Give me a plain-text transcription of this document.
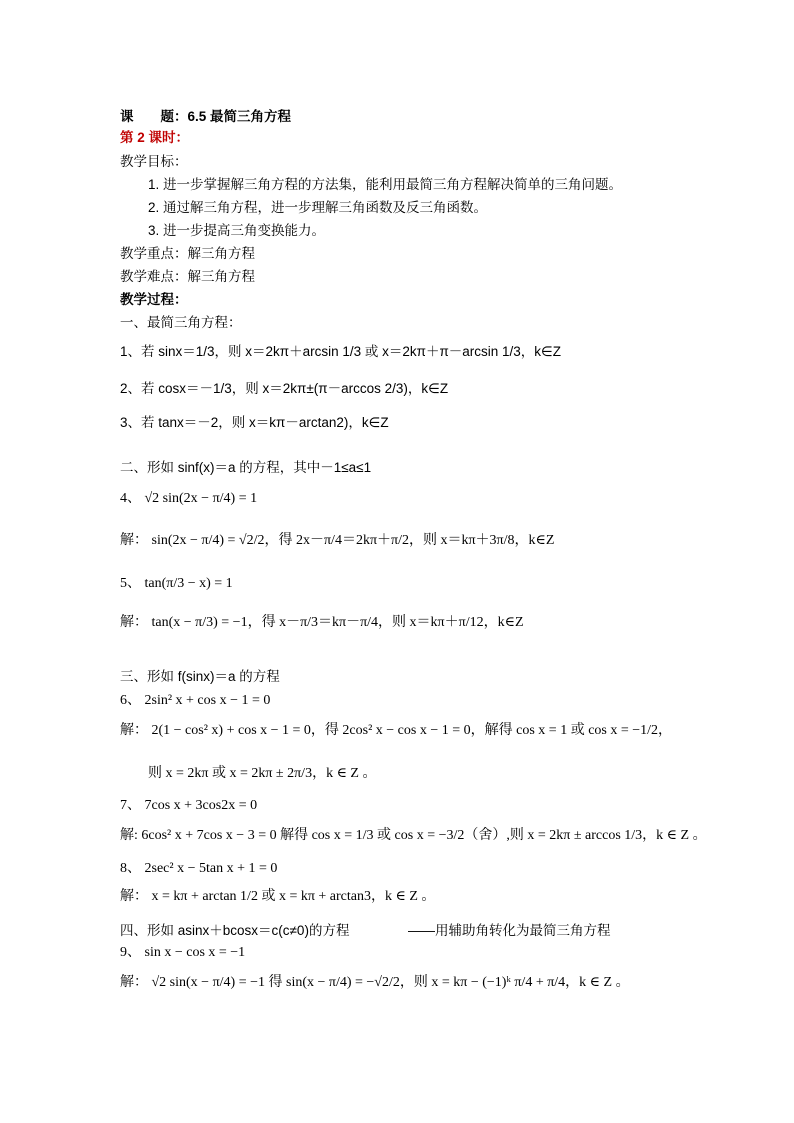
课　　题：6.5 最简三角方程
第 2 课时：
教学目标：
1. 进一步掌握解三角方程的方法集，能利用最简三角方程解决简单的三角问题。
2. 通过解三角方程，进一步理解三角函数及反三角函数。
3. 进一步提高三角变换能力。
教学重点：解三角方程
教学难点：解三角方程
教学过程：
一、最简三角方程：
1、若 sinx＝1/3，则 x＝2kπ＋arcsin 1/3 或 x＝2kπ＋π－arcsin 1/3，k∈Z
2、若 cosx＝－1/3，则 x＝2kπ±(π－arccos 2/3)，k∈Z
3、若 tanx＝－2，则 x＝kπ－arctan2)，k∈Z
二、形如 sinf(x)＝a 的方程，其中－1≤a≤1
4、 √2 sin(2x − π/4) = 1
解： sin(2x − π/4) = √2/2，得 2x－π/4＝2kπ＋π/2，则 x＝kπ＋3π/8，k∈Z
5、 tan(π/3 − x) = 1
解： tan(x − π/3) = −1，得 x－π/3＝kπ－π/4，则 x＝kπ＋π/12，k∈Z
三、形如 f(sinx)＝a 的方程
6、 2sin² x + cos x − 1 = 0
解： 2(1 − cos² x) + cos x − 1 = 0，得 2cos² x − cos x − 1 = 0，解得 cos x = 1 或 cos x = −1/2，
则 x = 2kπ 或 x = 2kπ ± 2π/3，k ∈ Z 。
7、 7cos x + 3cos2x = 0
解: 6cos² x + 7cos x − 3 = 0 解得 cos x = 1/3 或 cos x = −3/2（舍）,则 x = 2kπ ± arccos 1/3，k ∈ Z 。
8、 2sec² x − 5tan x + 1 = 0
解： x = kπ + arctan 1/2 或 x = kπ + arctan3，k ∈ Z 。
四、形如 asinx＋bcosx＝c(c≠0)的方程	——用辅助角转化为最简三角方程
9、 sin x − cos x = −1
解： √2 sin(x − π/4) = −1 得 sin(x − π/4) = −√2/2，则 x = kπ − (−1)ᵏ π/4 + π/4，k ∈ Z 。
